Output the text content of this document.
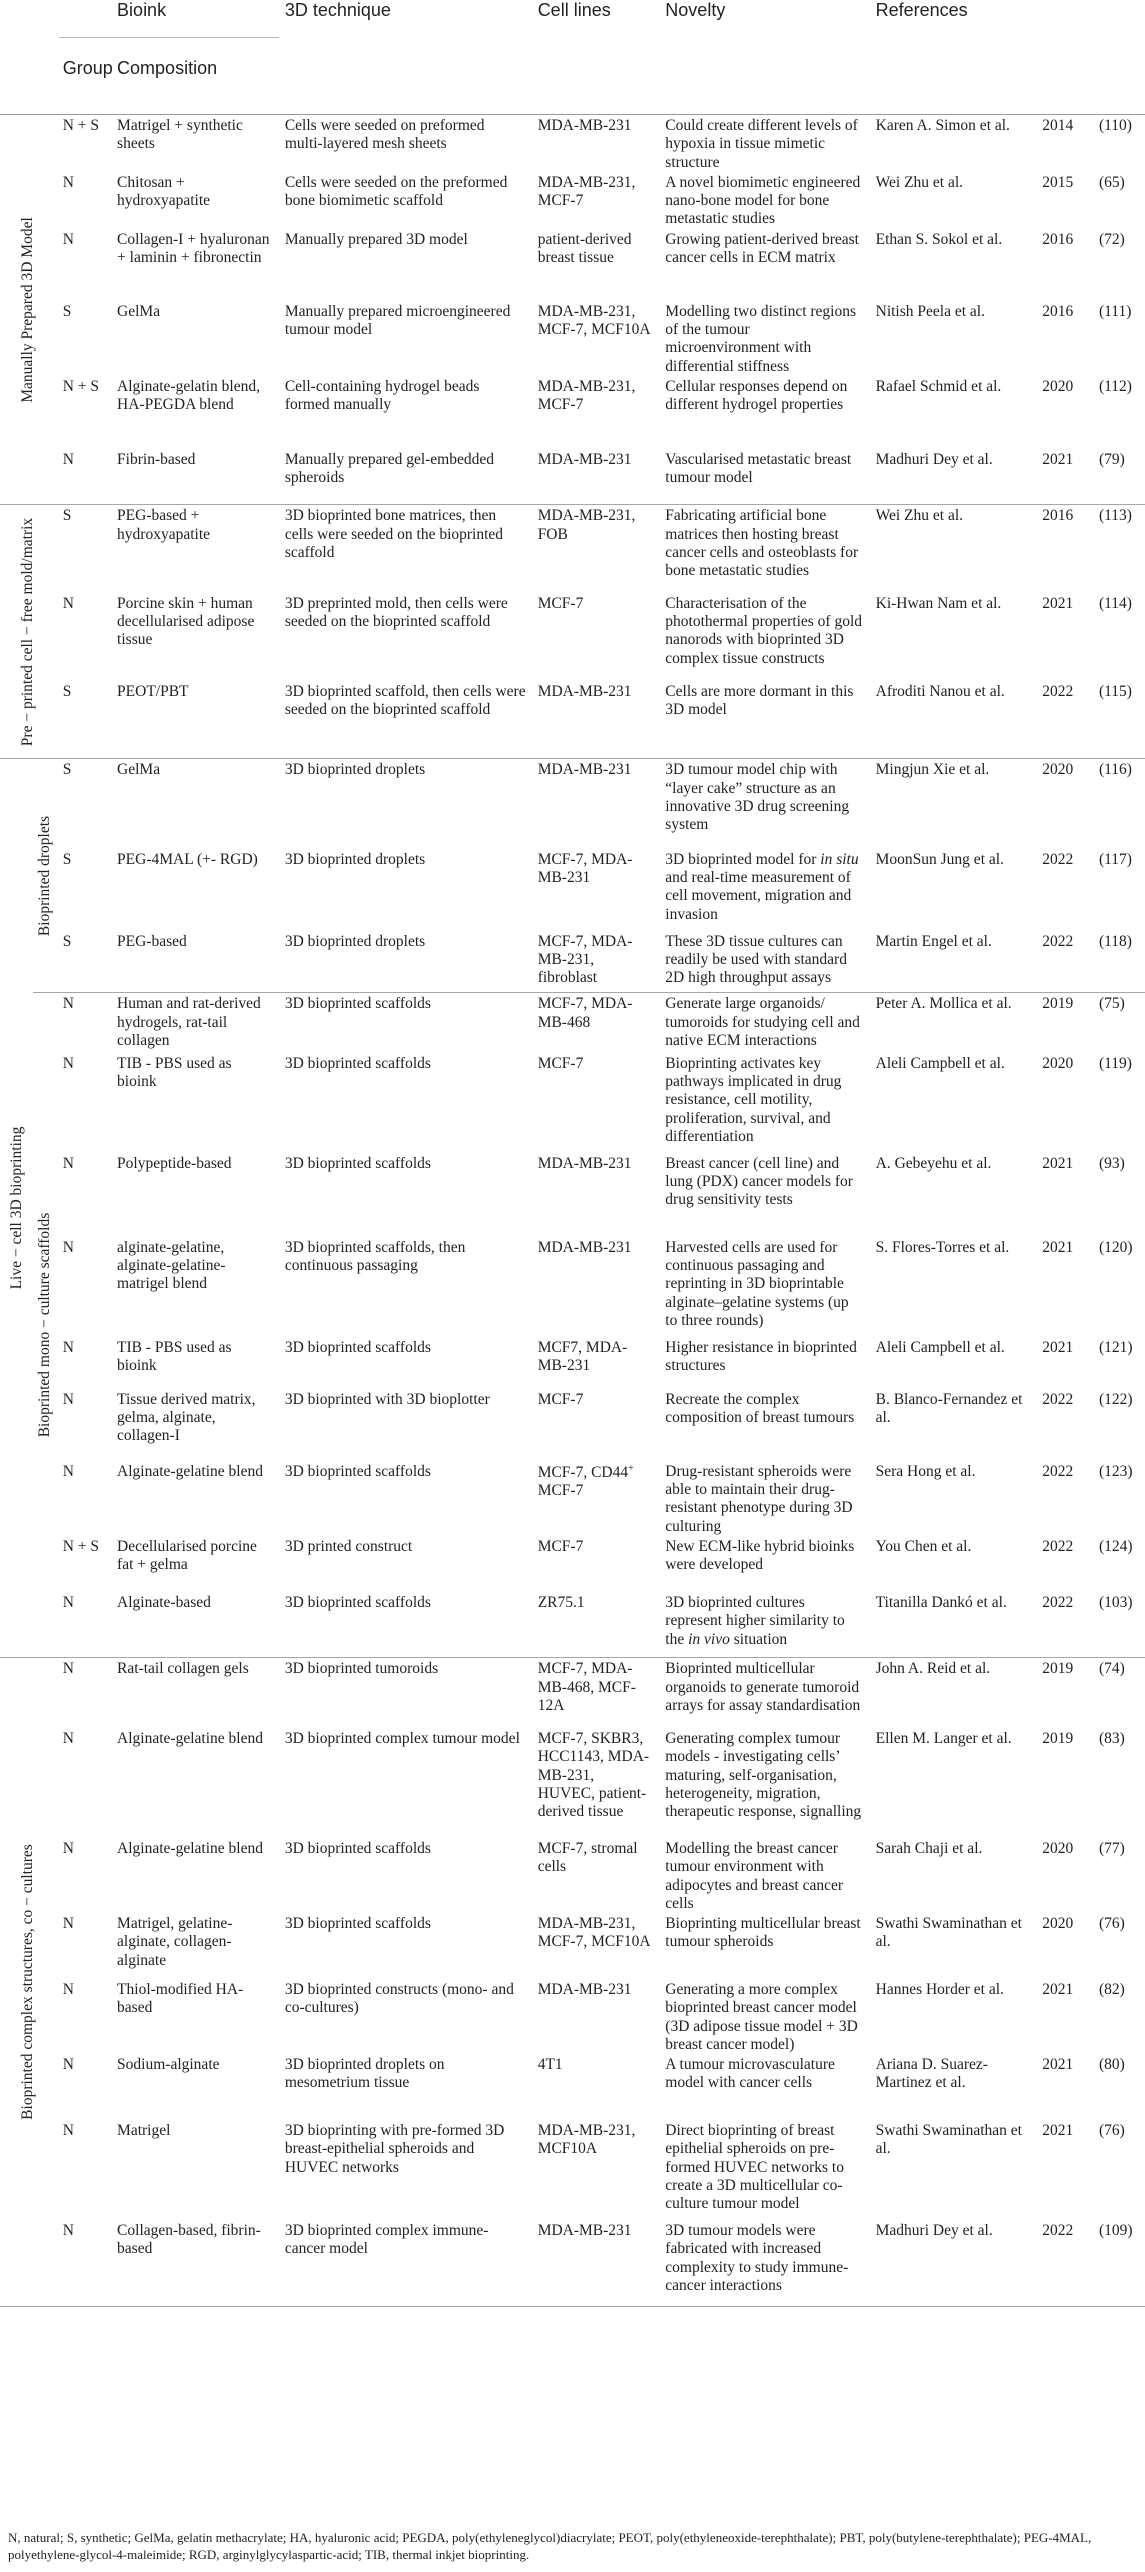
			Bioink	3D technique	Cell lines	Novelty	References		
		Group	Composition						

Manually Prepared 3D Model		N + S	Matrigel + synthetic sheets	Cells were seeded on preformed multi-layered mesh sheets	MDA-MB-231	Could create different levels of hypoxia in tissue mimetic structure	Karen A. Simon et al.	2014	(110)
		N	Chitosan + hydroxyapatite	Cells were seeded on the preformed bone biomimetic scaffold	MDA-MB-231, MCF-7	A novel biomimetic engineered nano-bone model for bone metastatic studies	Wei Zhu et al.	2015	(65)
		N	Collagen-I + hyaluronan + laminin + fibronectin	Manually prepared 3D model	patient-derived breast tissue	Growing patient-derived breast cancer cells in ECM matrix	Ethan S. Sokol et al.	2016	(72)
		S	GelMa	Manually prepared microengineered tumour model	MDA-MB-231, MCF-7, MCF10A	Modelling two distinct regions of the tumour microenvironment with differential stiffness	Nitish Peela et al.	2016	(111)
		N + S	Alginate-gelatin blend, HA-PEGDA blend	Cell-containing hydrogel beads formed manually	MDA-MB-231, MCF-7	Cellular responses depend on different hydrogel properties	Rafael Schmid et al.	2020	(112)
		N	Fibrin-based	Manually prepared gel-embedded spheroids	MDA-MB-231	Vascularised metastatic breast tumour model	Madhuri Dey et al.	2021	(79)

Pre − printed cell − free mold/matrix		S	PEG-based + hydroxyapatite	3D bioprinted bone matrices, then cells were seeded on the bioprinted scaffold	MDA-MB-231, FOB	Fabricating artificial bone matrices then hosting breast cancer cells and osteoblasts for bone metastatic studies	Wei Zhu et al.	2016	(113)
		N	Porcine skin + human decellularised adipose tissue	3D preprinted mold, then cells were seeded on the bioprinted scaffold	MCF-7	Characterisation of the photothermal properties of gold nanorods with bioprinted 3D complex tissue constructs	Ki-Hwan Nam et al.	2021	(114)
		S	PEOT/PBT	3D bioprinted scaffold, then cells were seeded on the bioprinted scaffold	MDA-MB-231	Cells are more dormant in this 3D model	Afroditi Nanou et al.	2022	(115)

Live − cell 3D bioprinting	Bioprinted droplets	S	GelMa	3D bioprinted droplets	MDA-MB-231	3D tumour model chip with “layer cake” structure as an innovative 3D drug screening system	Mingjun Xie et al.	2020	(116)
		S	PEG-4MAL (+- RGD)	3D bioprinted droplets	MCF-7, MDA-MB-231	3D bioprinted model for in situ and real-time measurement of cell movement, migration and invasion	MoonSun Jung et al.	2022	(117)
		S	PEG-based	3D bioprinted droplets	MCF-7, MDA-MB-231, fibroblast	These 3D tissue cultures can readily be used with standard 2D high throughput assays	Martin Engel et al.	2022	(118)

	Bioprinted mono − culture scaffolds	N	Human and rat-derived hydrogels, rat-tail collagen	3D bioprinted scaffolds	MCF-7, MDA-MB-468	Generate large organoids/ tumoroids for studying cell and native ECM interactions	Peter A. Mollica et al.	2019	(75)
		N	TIB - PBS used as bioink	3D bioprinted scaffolds	MCF-7	Bioprinting activates key pathways implicated in drug resistance, cell motility, proliferation, survival, and differentiation	Aleli Campbell et al.	2020	(119)
		N	Polypeptide-based	3D bioprinted scaffolds	MDA-MB-231	Breast cancer (cell line) and lung (PDX) cancer models for drug sensitivity tests	A. Gebeyehu et al.	2021	(93)
		N	alginate-gelatine, alginate-gelatine-matrigel blend	3D bioprinted scaffolds, then continuous passaging	MDA-MB-231	Harvested cells are used for continuous passaging and reprinting in 3D bioprintable alginate–gelatine systems (up to three rounds)	S. Flores-Torres et al.	2021	(120)
		N	TIB - PBS used as bioink	3D bioprinted scaffolds	MCF7, MDA-MB-231	Higher resistance in bioprinted structures	Aleli Campbell et al.	2021	(121)
		N	Tissue derived matrix, gelma, alginate, collagen-I	3D bioprinted with 3D bioplotter	MCF-7	Recreate the complex composition of breast tumours	B. Blanco-Fernandez et al.	2022	(122)
		N	Alginate-gelatine blend	3D bioprinted scaffolds	MCF-7, CD44+ MCF-7	Drug-resistant spheroids were able to maintain their drug-resistant phenotype during 3D culturing	Sera Hong et al.	2022	(123)
		N + S	Decellularised porcine fat + gelma	3D printed construct	MCF-7	New ECM-like hybrid bioinks were developed	You Chen et al.	2022	(124)
		N	Alginate-based	3D bioprinted scaffolds	ZR75.1	3D bioprinted cultures represent higher similarity to the in vivo situation	Titanilla Dankó et al.	2022	(103)

Bioprinted complex structures, co − cultures		N	Rat-tail collagen gels	3D bioprinted tumoroids	MCF-7, MDA-MB-468, MCF-12A	Bioprinted multicellular organoids to generate tumoroid arrays for assay standardisation	John A. Reid et al.	2019	(74)
		N	Alginate-gelatine blend	3D bioprinted complex tumour model	MCF-7, SKBR3, HCC1143, MDA-MB-231, HUVEC, patient-derived tissue	Generating complex tumour models - investigating cells’ maturing, self-organisation, heterogeneity, migration, therapeutic response, signalling	Ellen M. Langer et al.	2019	(83)
		N	Alginate-gelatine blend	3D bioprinted scaffolds	MCF-7, stromal cells	Modelling the breast cancer tumour environment with adipocytes and breast cancer cells	Sarah Chaji et al.	2020	(77)
		N	Matrigel, gelatine-alginate, collagen-alginate	3D bioprinted scaffolds	MDA-MB-231, MCF-7, MCF10A	Bioprinting multicellular breast tumour spheroids	Swathi Swaminathan et al.	2020	(76)
		N	Thiol-modified HA-based	3D bioprinted constructs (mono- and co-cultures)	MDA-MB-231	Generating a more complex bioprinted breast cancer model (3D adipose tissue model + 3D breast cancer model)	Hannes Horder et al.	2021	(82)
		N	Sodium-alginate	3D bioprinted droplets on mesometrium tissue	4T1	A tumour microvasculature model with cancer cells	Ariana D. Suarez-Martinez et al.	2021	(80)
		N	Matrigel	3D bioprinting with pre-formed 3D breast-epithelial spheroids and HUVEC networks	MDA-MB-231, MCF10A	Direct bioprinting of breast epithelial spheroids on pre-formed HUVEC networks to create a 3D multicellular co-culture tumour model	Swathi Swaminathan et al.	2021	(76)
		N	Collagen-based, fibrin-based	3D bioprinted complex immune-cancer model	MDA-MB-231	3D tumour models were fabricated with increased complexity to study immune-cancer interactions	Madhuri Dey et al.	2022	(109)
N, natural; S, synthetic; GelMa, gelatin methacrylate; HA, hyaluronic acid; PEGDA, poly(ethyleneglycol)diacrylate; PEOT, poly(ethyleneoxide-terephthalate); PBT, poly(butylene-terephthalate); PEG-4MAL, polyethylene-glycol-4-maleimide; RGD, arginylglycylaspartic-acid; TIB, thermal inkjet bioprinting.
